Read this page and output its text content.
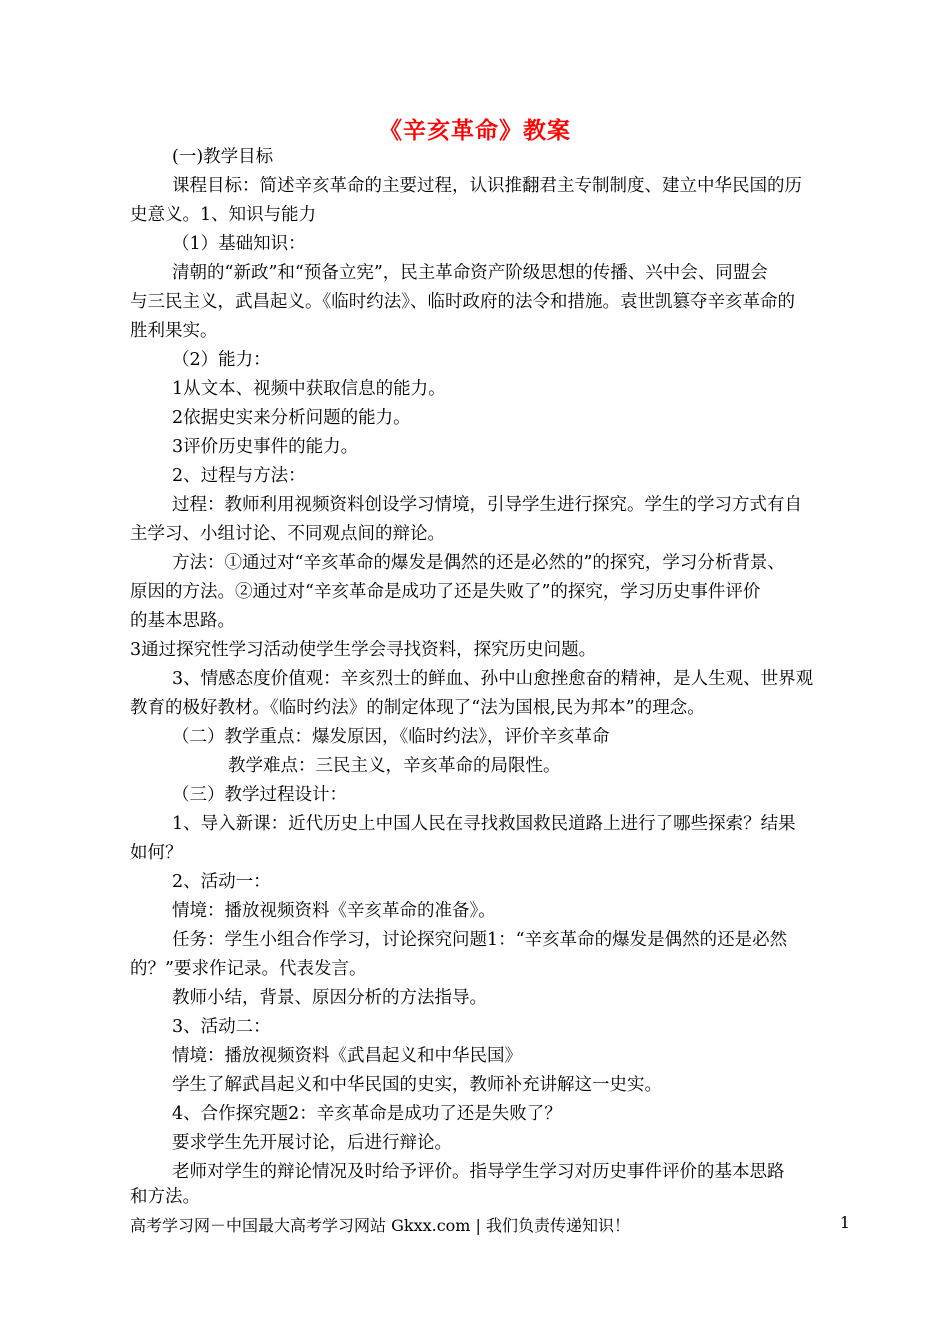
《辛亥革命》教案
(一)教学目标
课程目标：简述辛亥革命的主要过程，认识推翻君主专制制度、建立中华民国的历
史意义。1、知识与能力
（1）基础知识：
清朝的“新政”和“预备立宪”，民主革命资产阶级思想的传播、兴中会、同盟会
与三民主义，武昌起义。《临时约法》、临时政府的法令和措施。袁世凯篡夺辛亥革命的
胜利果实。
（2）能力：
1从文本、视频中获取信息的能力。
2依据史实来分析问题的能力。
3评价历史事件的能力。
2、过程与方法：
过程：教师利用视频资料创设学习情境，引导学生进行探究。学生的学习方式有自
主学习、小组讨论、不同观点间的辩论。
方法：①通过对“辛亥革命的爆发是偶然的还是必然的”的探究，学习分析背景、
原因的方法。②通过对“辛亥革命是成功了还是失败了”的探究，学习历史事件评价
的基本思路。
3通过探究性学习活动使学生学会寻找资料，探究历史问题。
3、情感态度价值观：辛亥烈士的鲜血、孙中山愈挫愈奋的精神，是人生观、世界观
教育的极好教材。《临时约法》的制定体现了“法为国根,民为邦本”的理念。
（二）教学重点：爆发原因，《临时约法》，评价辛亥革命
教学难点：三民主义，辛亥革命的局限性。
（三）教学过程设计：
1、导入新课：近代历史上中国人民在寻找救国救民道路上进行了哪些探索？结果
如何？
2、活动一：
情境：播放视频资料《辛亥革命的准备》。
任务：学生小组合作学习，讨论探究问题1：“辛亥革命的爆发是偶然的还是必然
的？”要求作记录。代表发言。
教师小结，背景、原因分析的方法指导。
3、活动二：
情境：播放视频资料《武昌起义和中华民国》
学生了解武昌起义和中华民国的史实，教师补充讲解这一史实。
4、合作探究题2：辛亥革命是成功了还是失败了？
要求学生先开展讨论，后进行辩论。
老师对学生的辩论情况及时给予评价。指导学生学习对历史事件评价的基本思路
和方法。
高考学习网－中国最大高考学习网站 Gkxx.com | 我们负责传递知识！	1
